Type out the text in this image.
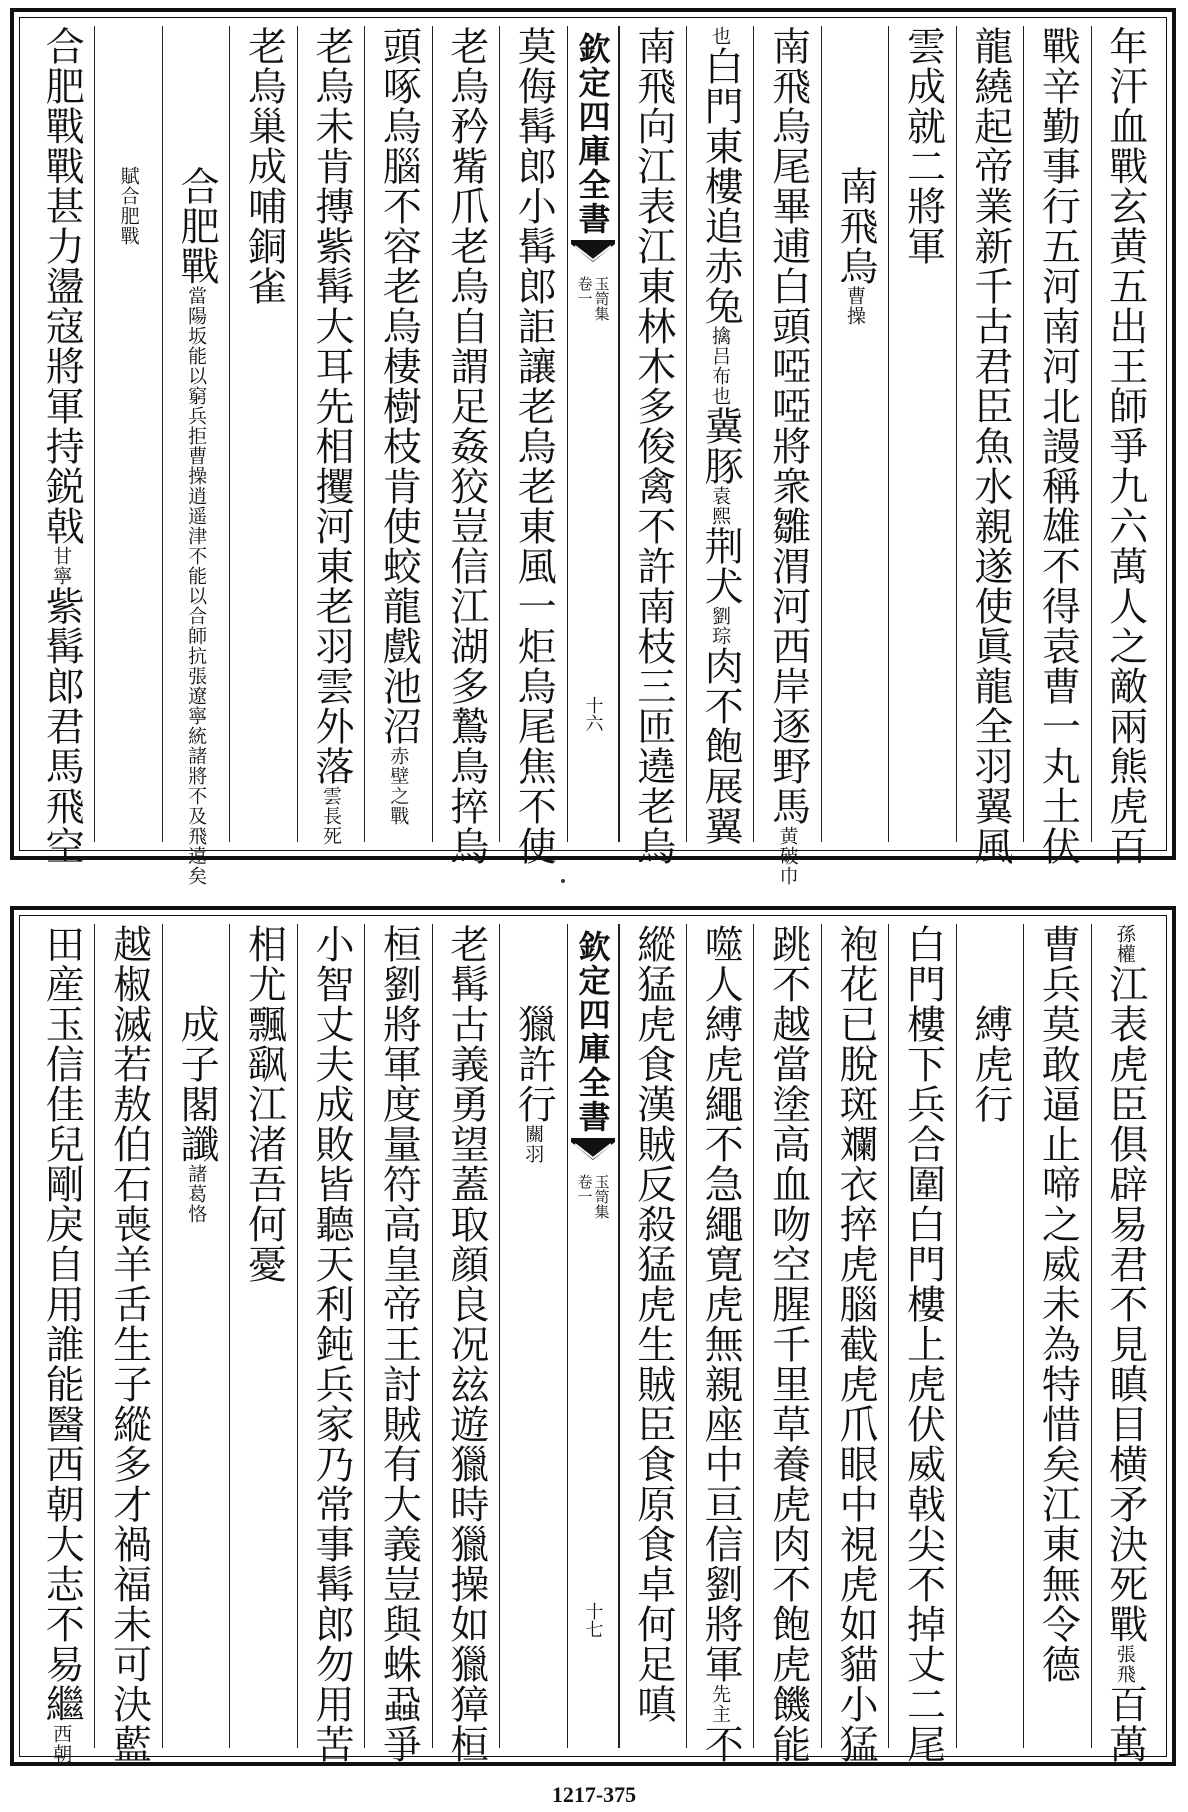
年汗血戰玄黄五出王師爭九六萬人之敵兩熊虎百
戰辛勤事行五河南河北謾稱雄不得袁曹一丸土伏
龍繞起帝業新千古君臣魚水親遂使眞龍全羽翼風
雲成就二將軍
南飛烏曹操
南飛烏尾畢逋白頭啞啞將衆雛渭河西岸逐野馬黄破巾
也白門東樓追赤兔擒吕布也冀豚袁熙荆犬劉琮肉不飽展翼
南飛向江表江東林木多俊禽不許南枝三匝遶老烏
欽定四庫全書
玉笥集
卷一
十六
莫侮髯郎小髯郎詎讓老烏老東風一炬烏尾焦不使
老烏矜觜爪老烏自謂足姦狡豈信江湖多鷙鳥捽烏
頭啄烏腦不容老烏棲樹枝肯使蛟龍戲池沼赤壁之戰
老烏未肯摶紫髯大耳先相攫河東老羽雲外落雲長死
老烏巢成哺銅雀
合肥戰當陽坂能以窮兵拒曹操逍遥津不能以合師抗張遼寧統諸將不及飛遠矣
賦合肥戰
合肥戰戰甚力盪寇將軍持鋭戟甘寧紫髯郎君馬飛空
孫權江表虎臣俱辟易君不見瞋目横矛決死戰張飛百萬
曹兵莫敢逼止啼之威未為特惜矣江東無令德
縛虎行
白門樓下兵合圍白門樓上虎伏威戟尖不掉丈二尾
袍花已脫斑斕衣捽虎腦截虎爪眼中視虎如貓小猛
跳不越當塗高血吻空腥千里草養虎肉不飽虎饑能
噬人縛虎繩不急繩寛虎無親座中亘信劉將軍先主不
縱猛虎食漢賊反殺猛虎生賊臣食原食卓何足嗔
欽定四庫全書
玉笥集
卷一
十七
獵許行關羽
老髯古義勇望蓋取顔良况玆遊獵時獵操如獵獐桓
桓劉將軍度量符高皇帝王討賊有大義豈與蛛蝨爭
小智丈夫成敗皆聽天利鈍兵家乃常事髯郎勿用苦
相尤飄飖江渚吾何憂
成子閣讖諸葛恪
越椒滅若敖伯石喪羊舌生子縱多才禍福未可決藍
田産玉信佳兒剛戾自用誰能醫西朝大志不易繼西朝
1217-375
